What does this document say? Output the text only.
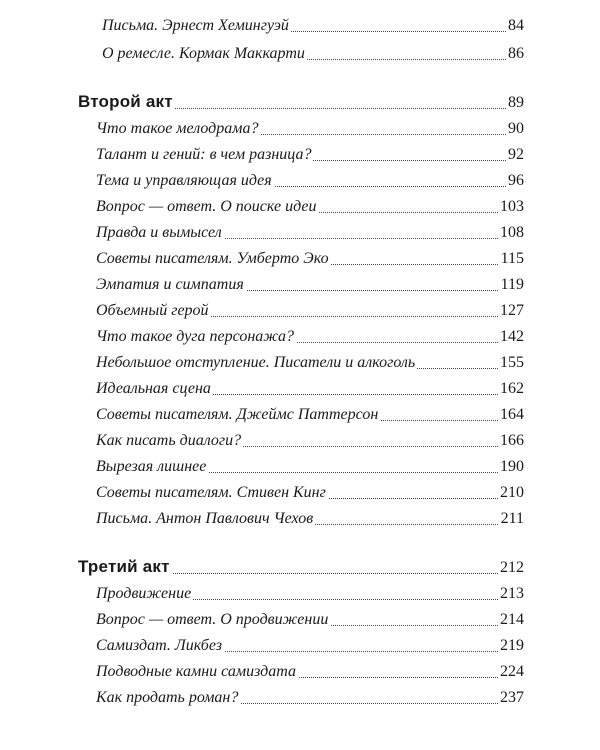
Письма. Эрнест Хемингуэй	84
О ремесле. Кормак Маккарти	86
Второй акт	89
Что такое мелодрама?	90
Талант и гений: в чем разница?	92
Тема и управляющая идея	96
Вопрос — ответ. О поиске идеи	103
Правда и вымысел	108
Советы писателям. Умберто Эко	115
Эмпатия и симпатия	119
Объемный герой	127
Что такое дуга персонажа?	142
Небольшое отступление. Писатели и алкоголь	155
Идеальная сцена	162
Советы писателям. Джеймс Паттерсон	164
Как писать диалоги?	166
Вырезая лишнее	190
Советы писателям. Стивен Кинг	210
Письма. Антон Павлович Чехов	211
Третий акт	212
Продвижение	213
Вопрос — ответ. О продвижении	214
Самиздат. Ликбез	219
Подводные камни самиздата	224
Как продать роман?	237
